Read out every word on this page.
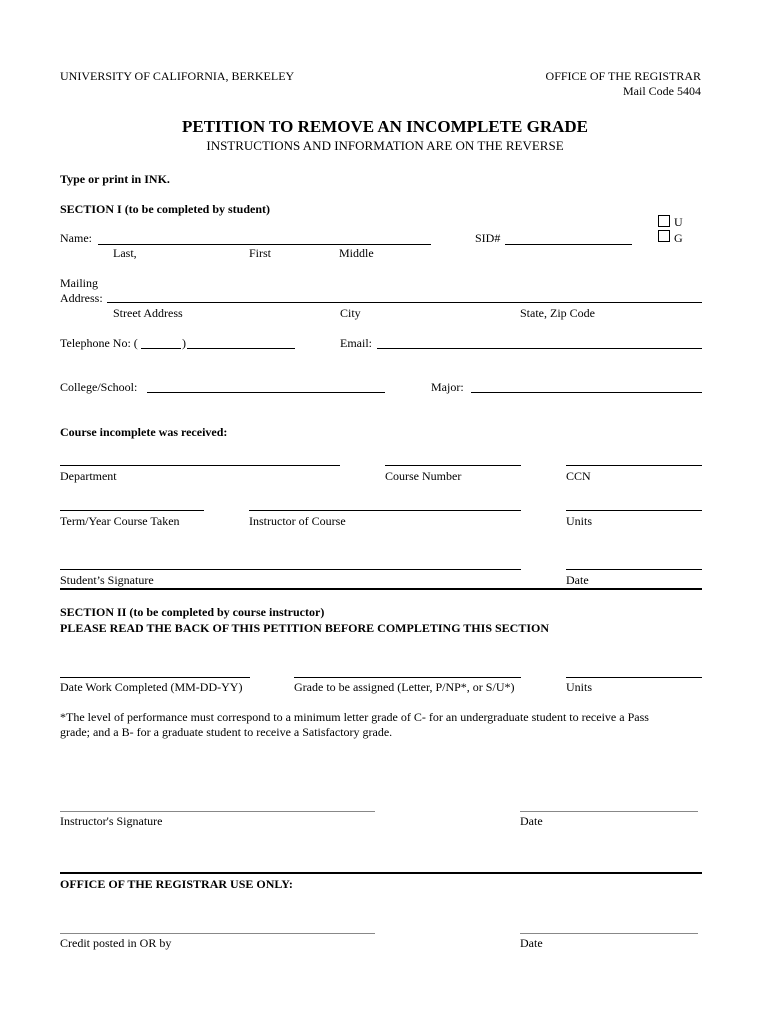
UNIVERSITY OF CALIFORNIA, BERKELEY	OFFICE OF THE REGISTRAR
Mail Code 5404
PETITION TO REMOVE AN INCOMPLETE GRADE
INSTRUCTIONS AND INFORMATION ARE ON THE REVERSE
Type or print in INK.
SECTION I (to be completed by student)
Name:
Last,	First	Middle
SID#
U
G
Mailing
Address:
Street Address	City	State, Zip Code
Telephone No: (	)	Email:
College/School:	Major:
Course incomplete was received:
Department	Course Number	CCN
Term/Year Course Taken	Instructor of Course	Units
Student’s Signature	Date
SECTION II (to be completed by course instructor)
PLEASE READ THE BACK OF THIS PETITION BEFORE COMPLETING THIS SECTION
Date Work Completed (MM-DD-YY)	Grade to be assigned (Letter, P/NP*, or S/U*)	Units
*The level of performance must correspond to a minimum letter grade of C- for an undergraduate student to receive a Pass
grade; and a B- for a graduate student to receive a Satisfactory grade.
Instructor's Signature	Date
OFFICE OF THE REGISTRAR USE ONLY:
Credit posted in OR by	Date
